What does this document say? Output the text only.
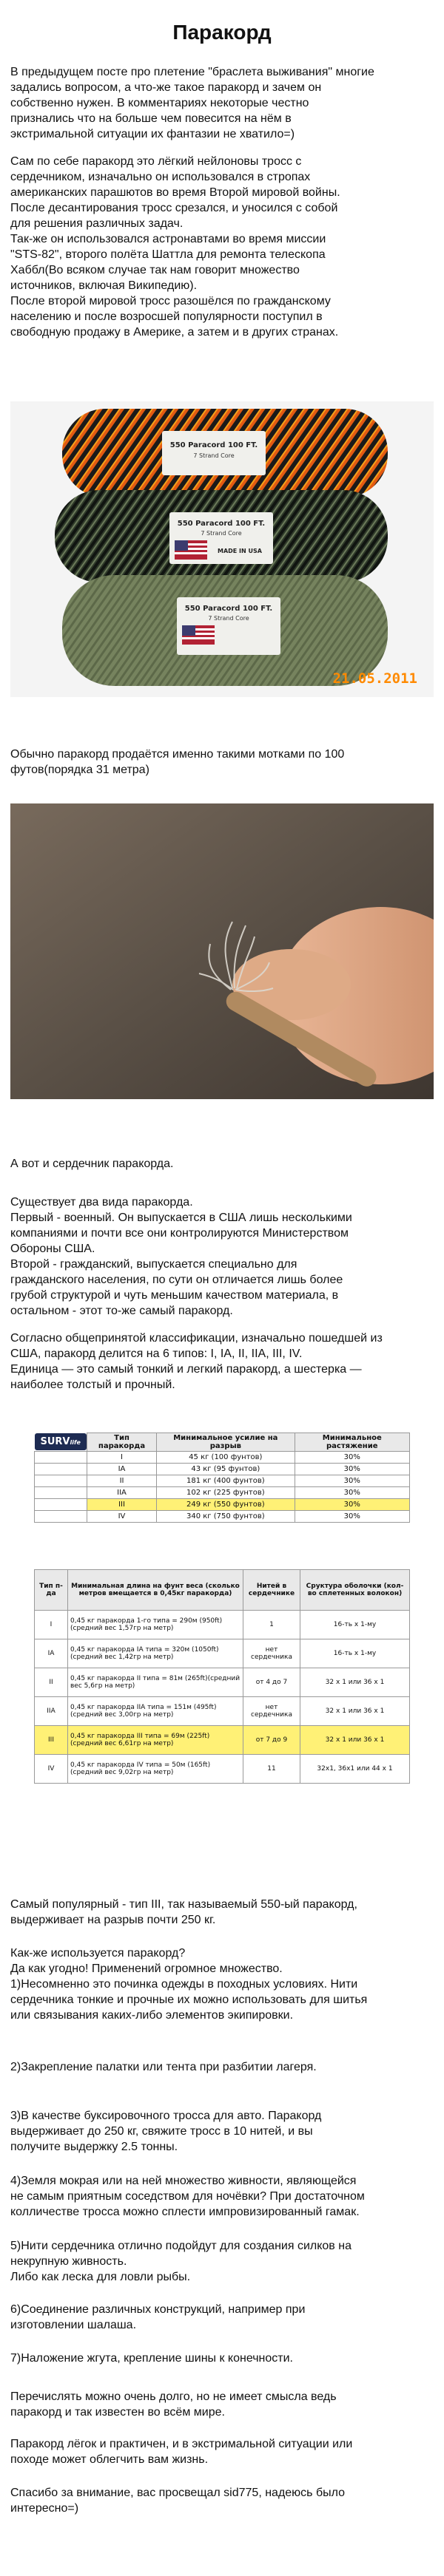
Паракорд

В предыдущем посте про плетение "браслета выживания" многие
задались вопросом, а что-же такое паракорд и зачем он
собственно нужен. В комментариях некоторые честно
признались что на больше чем повесится на нём в
экстримальной ситуации их фантазии не хватило=)

Сам по себе паракорд это лёгкий нейлоновы тросс с
сердечником, изначально он использовался в стропах
американских парашютов во время Второй мировой войны.
После десантирования тросс срезался, и уносился с собой
для решения различных задач.
Так-же он использовался астронавтами во время миссии
"STS-82", второго полёта Шаттла для ремонта телескопа
Хаббл(Во всяком случае так нам говорит множество
источников, включая Википедию).
После второй мировой тросс разошёлся по гражданскому
населению и после возросшей популярности поступил в
свободную продажу в Америке, а затем и в других странах.

550 Paracord 100 FT.
7 Strand Core
550 Paracord 100 FT.
7 Strand Core
MADE IN USA
550 Paracord 100 FT.
7 Strand Core
21.05.2011

Обычно паракорд продаётся именно такими мотками по 100
футов(порядка 31 метра)

А вот и сердечник паракорда.

Существует два вида паракорда.
Первый - военный. Он выпускается в США лишь несколькими
компаниями и почти все они контролируются Министерством
Обороны США.
Второй - гражданский, выпускается специально для
гражданского населения, по сути он отличается лишь более
грубой структурой и чуть меньшим качеством материала, в
остальном - этот то-же самый паракорд.

Согласно общепринятой классификации, изначально пошедшей из
США, паракорд делится на 6 типов: I, IA, II, IIA, III, IV.
Единица — это самый тонкий и легкий паракорд, а шестерка —
наиболее толстый и прочный.

SURVlife	Тип паракорда	Минимальное усилие на разрыв	Минимальное растяжение
	I	45 кг (100 фунтов)	30%
	IA	43 кг (95 фунтов)	30%
	II	181 кг (400 фунтов)	30%
	IIA	102 кг (225 фунтов)	30%
	III	249 кг (550 фунтов)	30%
	IV	340 кг (750 фунтов)	30%
Тип п-да	Минимальная длина на фунт веса (сколько метров вмещается в 0,45кг паракорда)	Нитей в сердечнике	Сруктура оболочки (кол-во сплетенных волокон)
I	0,45 кг паракорда 1-го типа = 290м (950ft)(средний вес 1,57гр на метр)	1	16-ть х 1-му
IA	0,45 кг паракорда IA типа = 320м (1050ft)(средний вес 1,42гр на метр)	нет сердечника	16-ть х 1-му
II	0,45 кг паракорда II типа = 81м (265ft)(средний вес 5,6гр на метр)	от 4 до 7	32 х 1 или 36 х 1
IIA	0,45 кг паракорда IIA типа = 151м (495ft)(средний вес 3,00гр на метр)	нет сердечника	32 х 1 или 36 х 1
III	0,45 кг паракорда III типа = 69м (225ft)(средний вес 6,61гр на метр)	от 7 до 9	32 х 1 или 36 х 1
IV	0,45 кг паракорда IV типа = 50м (165ft)(средний вес 9,02гр на метр)	11	32х1, 36х1 или 44 х 1

Самый популярный - тип III, так называемый 550-ый паракорд,
выдерживает на разрыв почти 250 кг.

Как-же используется паракорд?
Да как угодно! Применений огромное множество.
1)Несомненно это починка одежды в походных условиях. Нити
сердечника тонкие и прочные их можно использовать для шитья
или связывания каких-либо элементов экипировки.

2)Закрепление палатки или тента при разбитии лагеря.

3)В качестве буксировочного тросса для авто. Паракорд
выдерживает до 250 кг, свяжите тросс в 10 нитей, и вы
получите выдержку 2.5 тонны.

4)Земля мокрая или на ней множество живности, являющейся
не самым приятным соседством для ночёвки? При достаточном
колличестве тросса можно сплести импровизированный гамак.

5)Нити сердечника отлично подойдут для создания силков на
некрупную живность.
Либо как леска для ловли рыбы.

6)Соединение различных конструкций, например при
изготовлении шалаша.

7)Наложение жгута, крепление шины к конечности.

Перечислять можно очень долго, но не имеет смысла ведь
паракорд и так известен во всём мире.

Паракорд лёгок и практичен, и в экстримальной ситуации или
походе может облегчить вам жизнь.

Спасибо за внимание, вас просвещал sid775, надеюсь было
интересно=)
